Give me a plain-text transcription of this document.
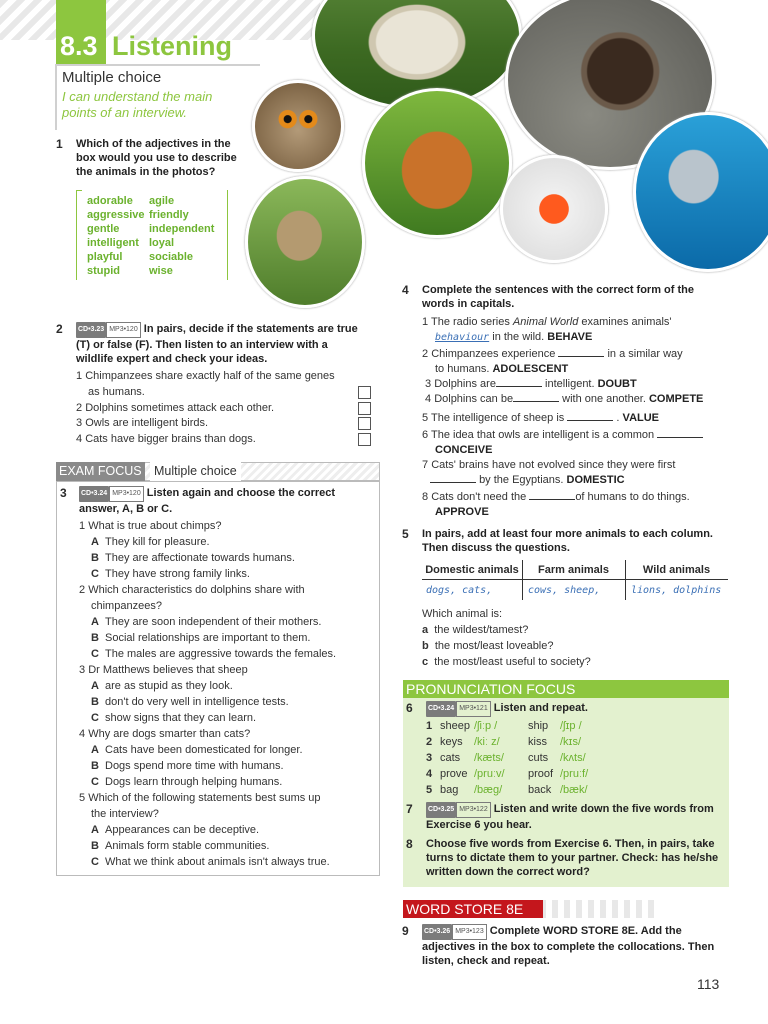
8.3 Listening
Multiple choice
I can understand the main points of an interview.
1 Which of the adjectives in the box would you use to describe the animals in the photos?
adorable agile
aggressive friendly
gentle	independent
intelligent loyal
playful sociable
stupid	wise
2 CD•3.23 MP3•120 In pairs, decide if the statements are true (T) or false (F). Then listen to an interview with a wildlife expert and check your ideas.
1 Chimpanzees share exactly half of the same genes
as humans.
2 Dolphins sometimes attack each other.
3 Owls are intelligent birds.
4 Cats have bigger brains than dogs.
EXAM FOCUS Multiple choice
3 CD•3.24 MP3•120 Listen again and choose the correct answer, A, B or C.
1 What is true about chimps?
A They kill for pleasure.
B They are affectionate towards humans.
C They have strong family links.
2 Which characteristics do dolphins share with
chimpanzees?
A They are soon independent of their mothers.
B Social relationships are important to them.
C The males are aggressive towards the females.
3 Dr Matthews believes that sheep
A are as stupid as they look.
B don't do very well in intelligence tests.
C show signs that they can learn.
4 Why are dogs smarter than cats?
A Cats have been domesticated for longer.
B Dogs spend more time with humans.
C Dogs learn through helping humans.
5 Which of the following statements best sums up
the interview?
A Appearances can be deceptive.
B Animals form stable communities.
C What we think about animals isn't always true.
4 Complete the sentences with the correct form of the words in capitals.
1 The radio series Animal World examines animals'
behaviour in the wild. BEHAVE
2 Chimpanzees experience	in a similar way
to humans. ADOLESCENT
3 Dolphins are	intelligent. DOUBT
4 Dolphins can be	with one another. COMPETE
5 The intelligence of sheep is	. VALUE
6 The idea that owls are intelligent is a common
CONCEIVE
7 Cats' brains have not evolved since they were first
by the Egyptians. DOMESTIC
8 Cats don't need the	of humans to do things.
APPROVE
5 In pairs, add at least four more animals to each column. Then discuss the questions.
Domestic animals	Farm animals	Wild animals
dogs, cats,	cows, sheep,	lions, dolphins
Which animal is:
a the wildest/tamest?
b the most/least loveable?
c the most/least useful to society?
PRONUNCIATION FOCUS
6 CD•3.24 MP3•121 Listen and repeat.
1 sheep /ʃiːp /	ship /ʃɪp /
2 keys /kiː z/	kiss /kɪs/
3 cats /kæts/ cuts /kʌts/
4 prove /pruːv/ proof /pruːf/
5 bag /bæg/ back /bæk/
7 CD•3.25 MP3•122 Listen and write down the five words from Exercise 6 you hear.
8 Choose five words from Exercise 6. Then, in pairs, take turns to dictate them to your partner. Check: has he/she written down the correct word?
WORD STORE 8E
9 CD•3.26 MP3•123 Complete WORD STORE 8E. Add the adjectives in the box to complete the collocations. Then listen, check and repeat.
113
